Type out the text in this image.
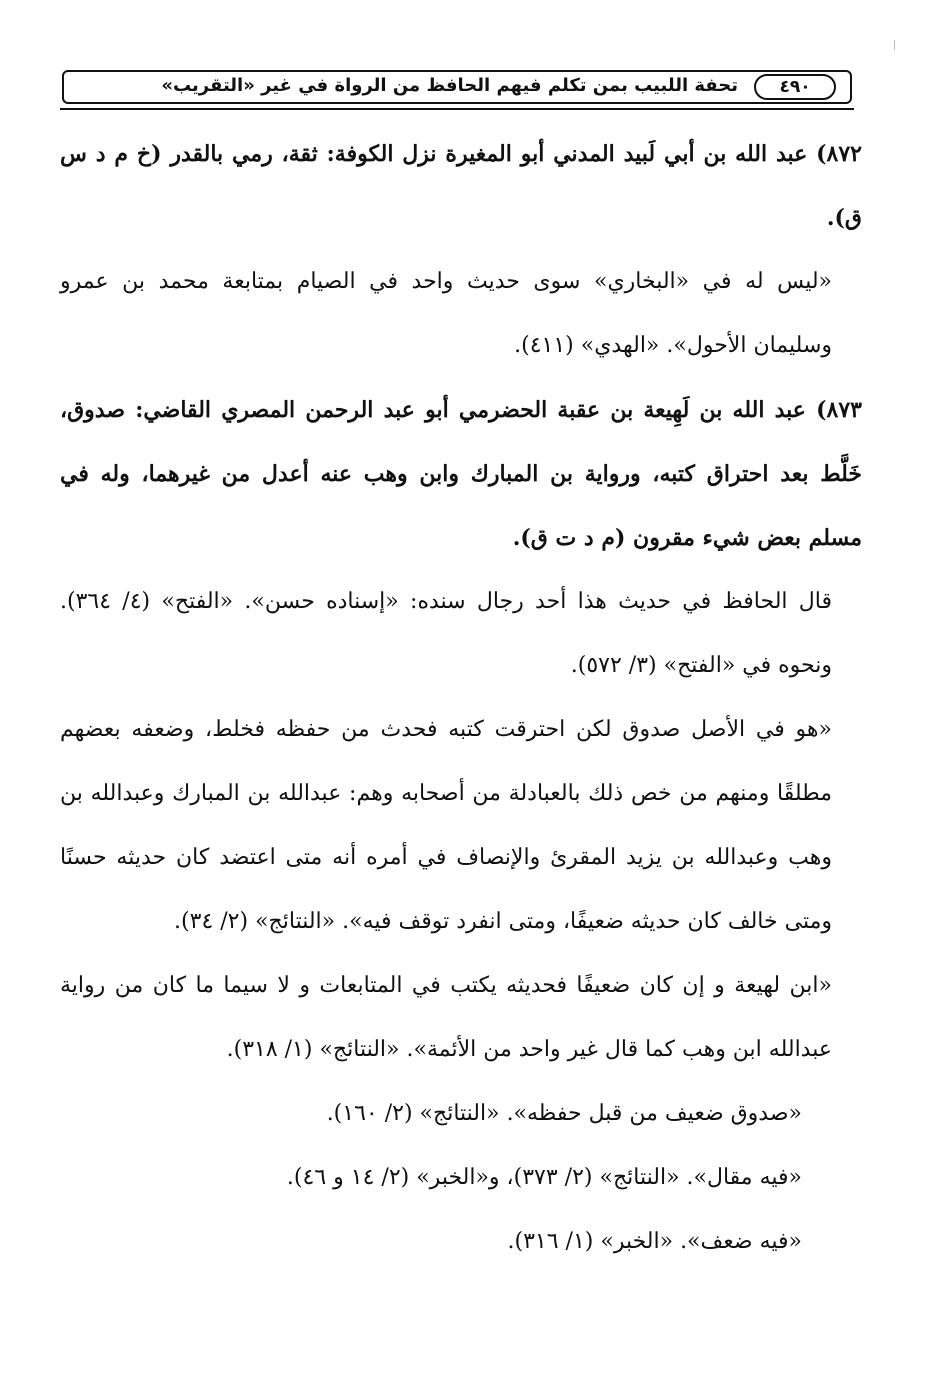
٤٩٠
تحفة اللبيب بمن تكلم فيهم الحافظ من الرواة في غير «التقريب»

٨٧٢) عبد الله بن أبي لَبيد المدني أبو المغيرة نزل الكوفة: ثقة، رمي بالقدر (خ م د س ق).

«ليس له في «البخاري» سوى حديث واحد في الصيام بمتابعة محمد بن عمرو وسليمان الأحول». «الهدي» (٤١١).

٨٧٣) عبد الله بن لَهِيعة بن عقبة الحضرمي أبو عبد الرحمن المصري القاضي: صدوق، خَلَّط بعد احتراق كتبه، ورواية بن المبارك وابن وهب عنه أعدل من غيرهما، وله في مسلم بعض شيء مقرون (م د ت ق).

قال الحافظ في حديث هذا أحد رجال سنده: «إسناده حسن». «الفتح» (٤/ ٣٦٤). ونحوه في «الفتح» (٣/ ٥٧٢).

«هو في الأصل صدوق لكن احترقت كتبه فحدث من حفظه فخلط، وضعفه بعضهم مطلقًا ومنهم من خص ذلك بالعبادلة من أصحابه وهم: عبدالله بن المبارك وعبدالله بن وهب وعبدالله بن يزيد المقرئ والإنصاف في أمره أنه متى اعتضد كان حديثه حسنًا ومتى خالف كان حديثه ضعيفًا، ومتى انفرد توقف فيه». «النتائج» (٢/ ٣٤).

«ابن لهيعة و إن كان ضعيفًا فحديثه يكتب في المتابعات و لا سيما ما كان من رواية عبدالله ابن وهب كما قال غير واحد من الأئمة». «النتائج» (١/ ٣١٨).

«صدوق ضعيف من قبل حفظه». «النتائج» (٢/ ١٦٠).

«فيه مقال». «النتائج» (٢/ ٣٧٣)، و«الخبر» (٢/ ١٤ و ٤٦).

«فيه ضعف». «الخبر» (١/ ٣١٦).
